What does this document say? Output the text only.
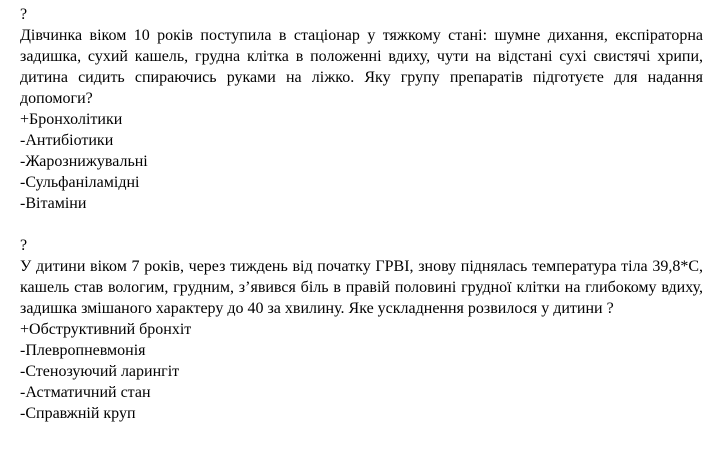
?

Дівчинка віком 10 років поступила в стаціонар у тяжкому стані: шумне дихання, експіраторна задишка, сухий кашель, грудна клітка в положенні вдиху, чути на відстані сухі свистячі хрипи, дитина сидить спираючись руками на ліжко. Яку групу препаратів підготуєте для надання допомоги?

+Бронхолітики
-Антибіотики
-Жарознижувальні
-Сульфаніламідні
-Вітаміни
?

У дитини віком 7 років, через тиждень від початку ГРВІ, знову піднялась температура тіла 39,8*С, кашель став вологим, грудним, з’явився біль в правій половині грудної клітки на глибокому вдиху, задишка змішаного характеру до 40 за хвилину. Яке ускладнення розвилося у дитини ?

+Обструктивний бронхіт
-Плевропневмонія
-Стенозуючий ларингіт
-Астматичний стан
-Справжній круп
